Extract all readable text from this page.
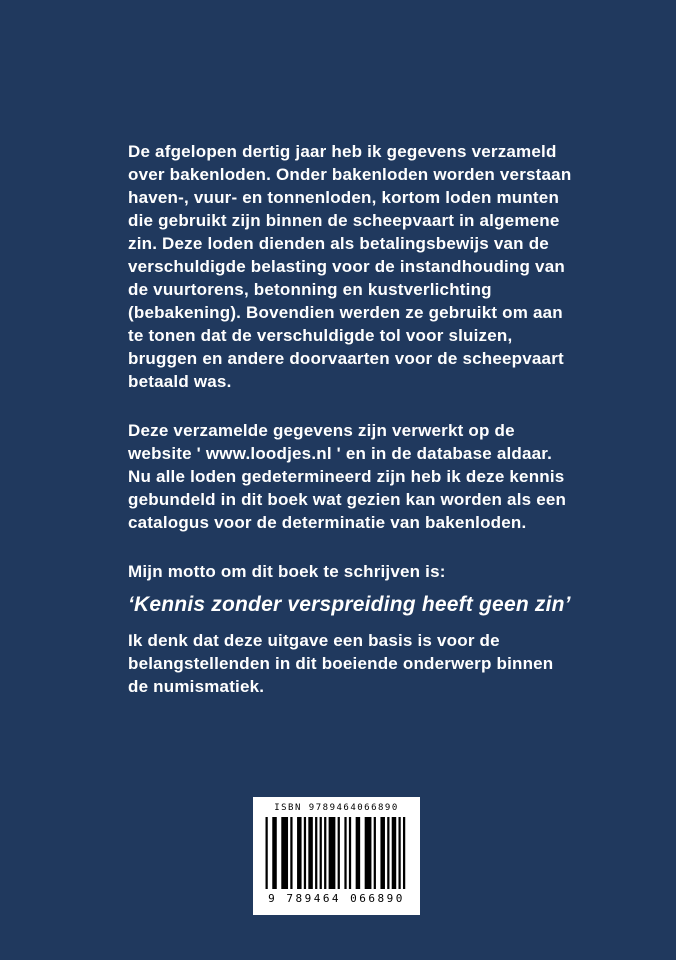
De afgelopen dertig jaar heb ik gegevens verzameld over bakenloden. Onder bakenloden worden verstaan haven-, vuur- en tonnenloden, kortom loden munten die gebruikt zijn binnen de scheepvaart in algemene zin. Deze loden dienden als betalingsbewijs van de verschuldigde belasting voor de instandhouding van de vuurtorens, betonning en kustverlichting (bebakening). Bovendien werden ze gebruikt om aan te tonen dat de verschuldigde tol voor sluizen, bruggen en andere doorvaarten voor de scheepvaart betaald was.

Deze verzamelde gegevens zijn verwerkt op de website ' www.loodjes.nl ' en in de database aldaar. Nu alle loden gedetermineerd zijn heb ik deze kennis gebundeld in dit boek wat gezien kan worden als een catalogus voor de determinatie van bakenloden.

Mijn motto om dit boek te schrijven is:

‘Kennis zonder verspreiding heeft geen zin’

Ik denk dat deze uitgave een basis is voor de belangstellenden in dit boeiende onderwerp binnen de numismatiek.

ISBN 9789464066890
9 789464 066890
